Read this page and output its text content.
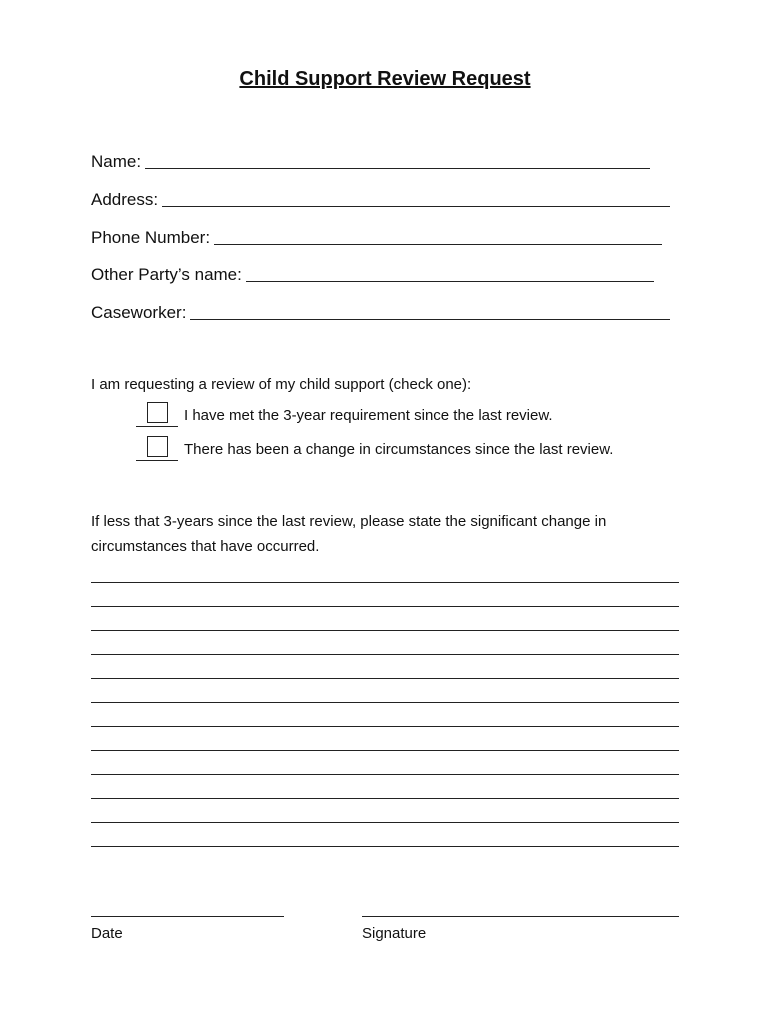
Child Support Review Request
Name:
Address:
Phone Number:
Other Party’s name:
Caseworker:
I am requesting a review of my child support (check one):
I have met the 3-year requirement since the last review.
There has been a change in circumstances since the last review.
If less that 3-years since the last review, please state the significant change in
circumstances that have occurred.
Date	Signature
